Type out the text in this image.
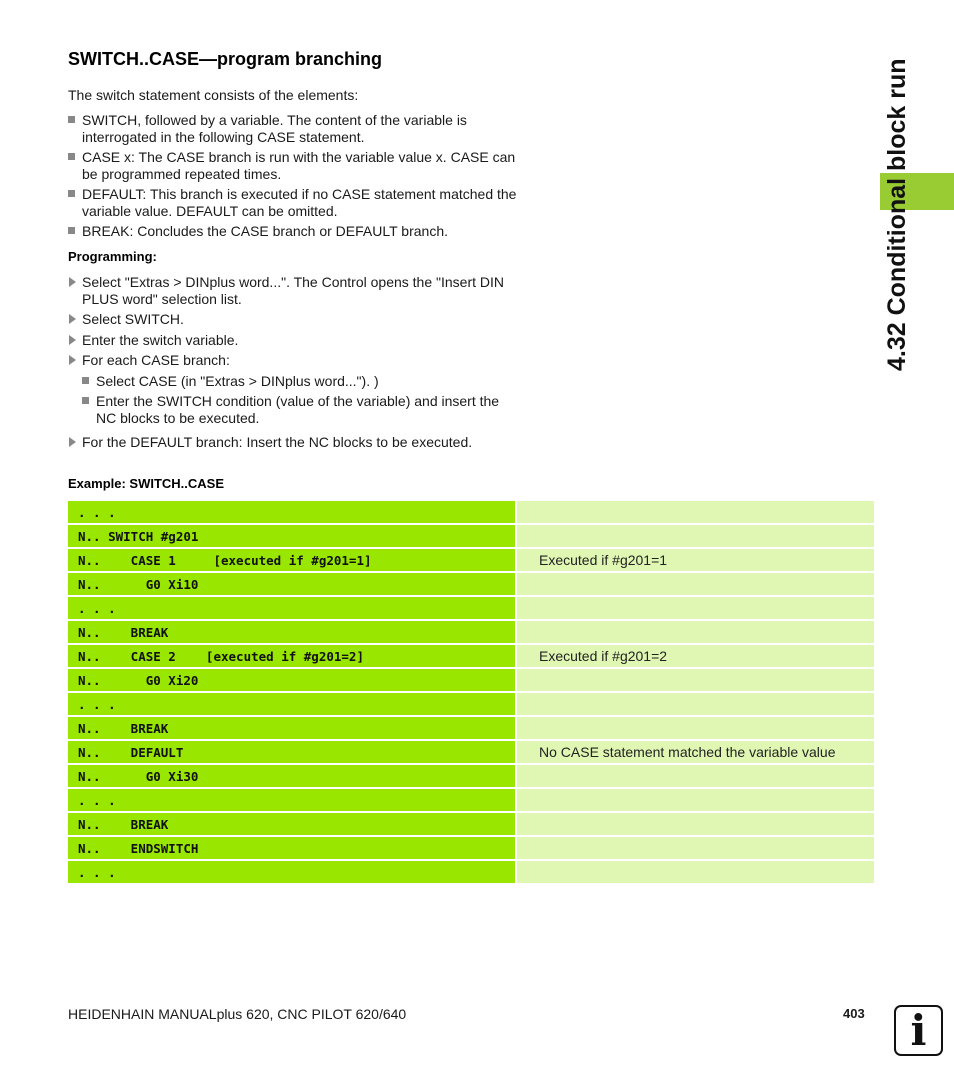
SWITCH..CASE—program branching

The switch statement consists of the elements:

SWITCH, followed by a variable. The content of the variable is interrogated in the following CASE statement.
CASE x: The CASE branch is run with the variable value x. CASE can be programmed repeated times.
DEFAULT: This branch is executed if no CASE statement matched the variable value. DEFAULT can be omitted.
BREAK: Concludes the CASE branch or DEFAULT branch.

Programming:

Select "Extras > DINplus word...". The Control opens the "Insert DIN PLUS word" selection list.
Select SWITCH.
Enter the switch variable.
For each CASE branch:
Select CASE (in "Extras > DINplus word..."). )
Enter the SWITCH condition (value of the variable) and insert the NC blocks to be executed.
For the DEFAULT branch: Insert the NC blocks to be executed.

Example: SWITCH..CASE

. . .
N.. SWITCH #g201
N..    CASE 1     [executed if #g201=1]	Executed if #g201=1
N..      G0 Xi10
. . .
N..    BREAK
N..    CASE 2    [executed if #g201=2]	Executed if #g201=2
N..      G0 Xi20
. . .
N..    BREAK
N..    DEFAULT	No CASE statement matched the variable value
N..      G0 Xi30
. . .
N..    BREAK
N..    ENDSWITCH
. . .
4.32 Conditional block run

HEIDENHAIN MANUALplus 620, CNC PILOT 620/640	403	i
